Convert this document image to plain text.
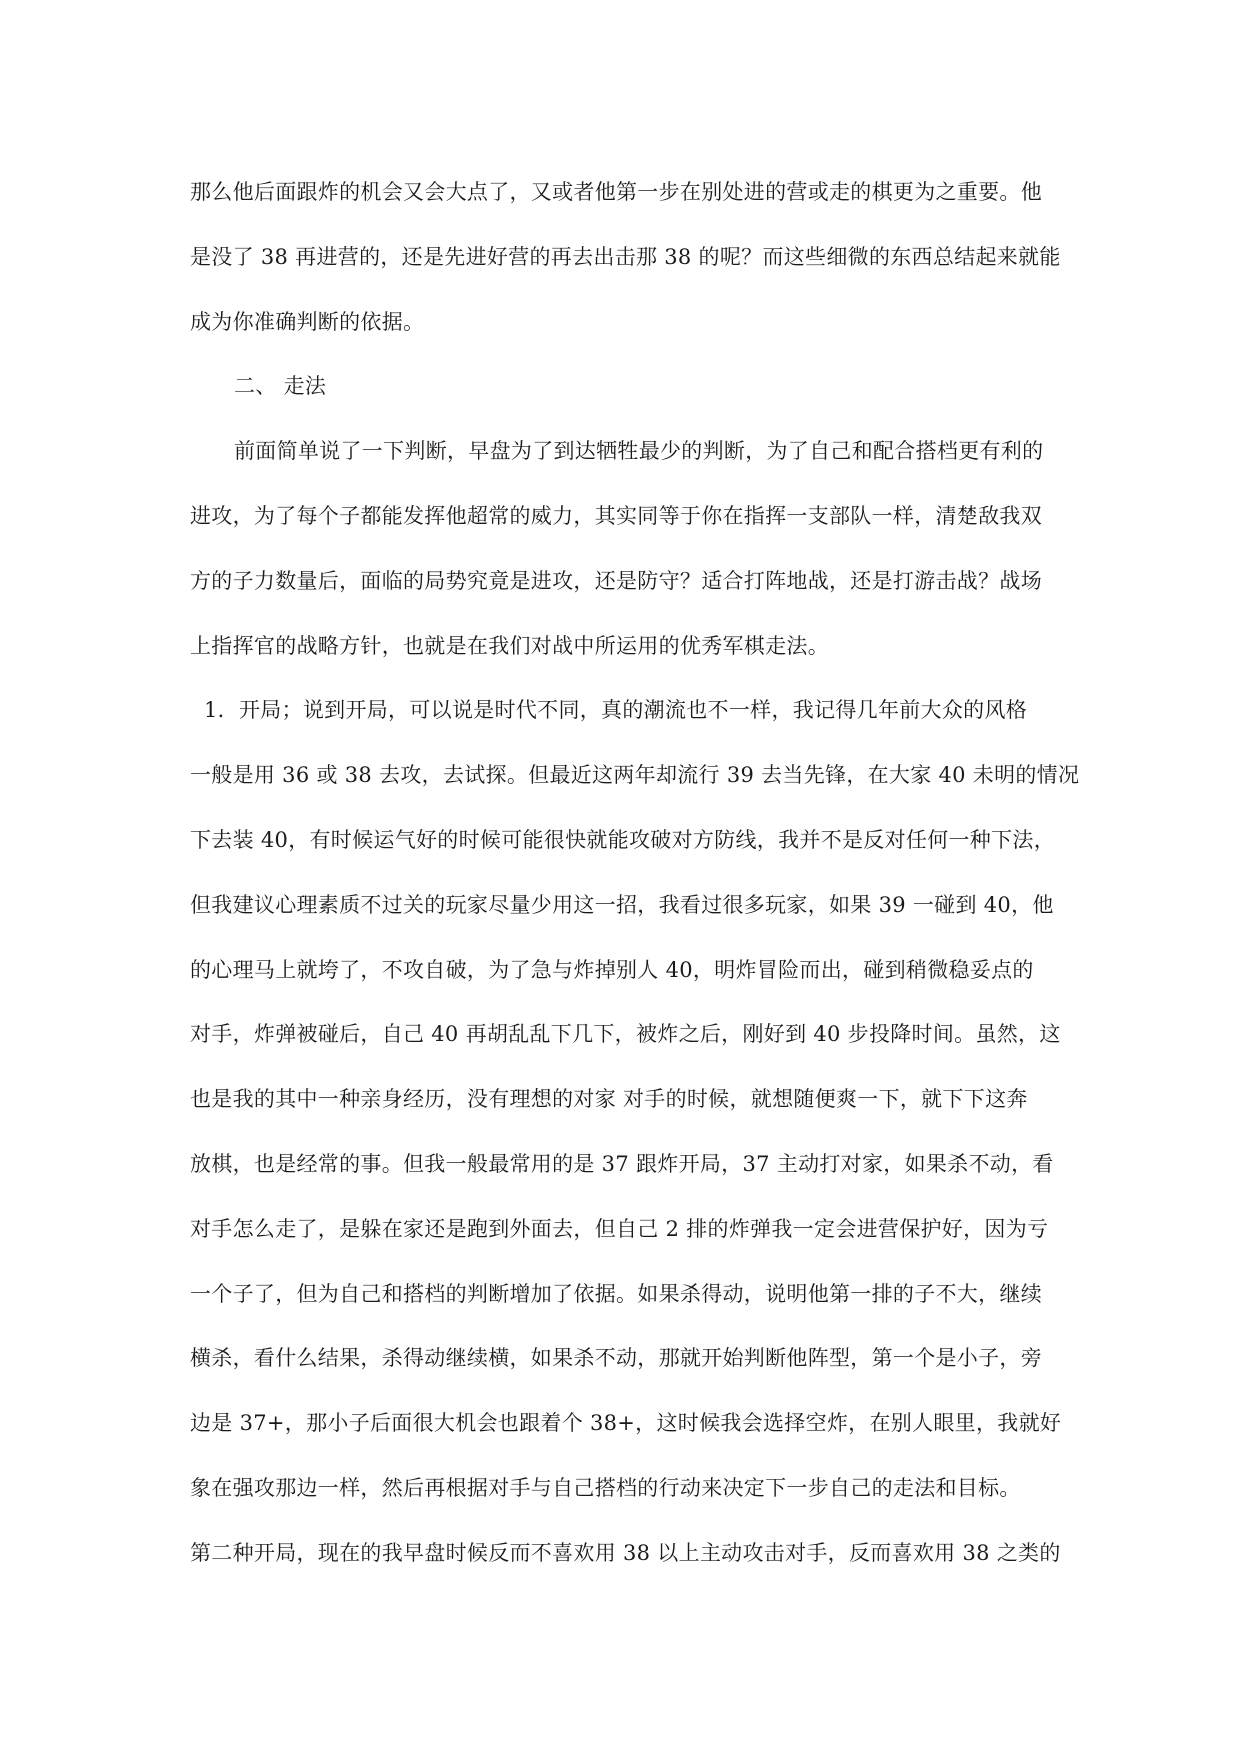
那么他后面跟炸的机会又会大点了，又或者他第一步在别处进的营或走的棋更为之重要。他
是没了 38 再进营的，还是先进好营的再去出击那 38 的呢？而这些细微的东西总结起来就能
成为你准确判断的依据。
二、 走法
前面简单说了一下判断，早盘为了到达牺牲最少的判断，为了自己和配合搭档更有利的
进攻，为了每个子都能发挥他超常的威力，其实同等于你在指挥一支部队一样，清楚敌我双
方的子力数量后，面临的局势究竟是进攻，还是防守？适合打阵地战，还是打游击战？战场
上指挥官的战略方针，也就是在我们对战中所运用的优秀军棋走法。
1．开局；说到开局，可以说是时代不同，真的潮流也不一样，我记得几年前大众的风格
一般是用 36 或 38 去攻，去试探。但最近这两年却流行 39 去当先锋，在大家 40 未明的情况
下去装 40，有时候运气好的时候可能很快就能攻破对方防线，我并不是反对任何一种下法，
但我建议心理素质不过关的玩家尽量少用这一招，我看过很多玩家，如果 39 一碰到 40，他
的心理马上就垮了，不攻自破，为了急与炸掉别人 40，明炸冒险而出，碰到稍微稳妥点的
对手，炸弹被碰后，自己 40 再胡乱乱下几下，被炸之后，刚好到 40 步投降时间。虽然，这
也是我的其中一种亲身经历，没有理想的对家 对手的时候，就想随便爽一下，就下下这奔
放棋，也是经常的事。但我一般最常用的是 37 跟炸开局，37 主动打对家，如果杀不动，看
对手怎么走了，是躲在家还是跑到外面去，但自己 2 排的炸弹我一定会进营保护好，因为亏
一个子了，但为自己和搭档的判断增加了依据。如果杀得动，说明他第一排的子不大，继续
横杀，看什么结果，杀得动继续横，如果杀不动，那就开始判断他阵型，第一个是小子，旁
边是 37+，那小子后面很大机会也跟着个 38+，这时候我会选择空炸，在别人眼里，我就好
象在强攻那边一样，然后再根据对手与自己搭档的行动来决定下一步自己的走法和目标。
第二种开局，现在的我早盘时候反而不喜欢用 38 以上主动攻击对手，反而喜欢用 38 之类的
